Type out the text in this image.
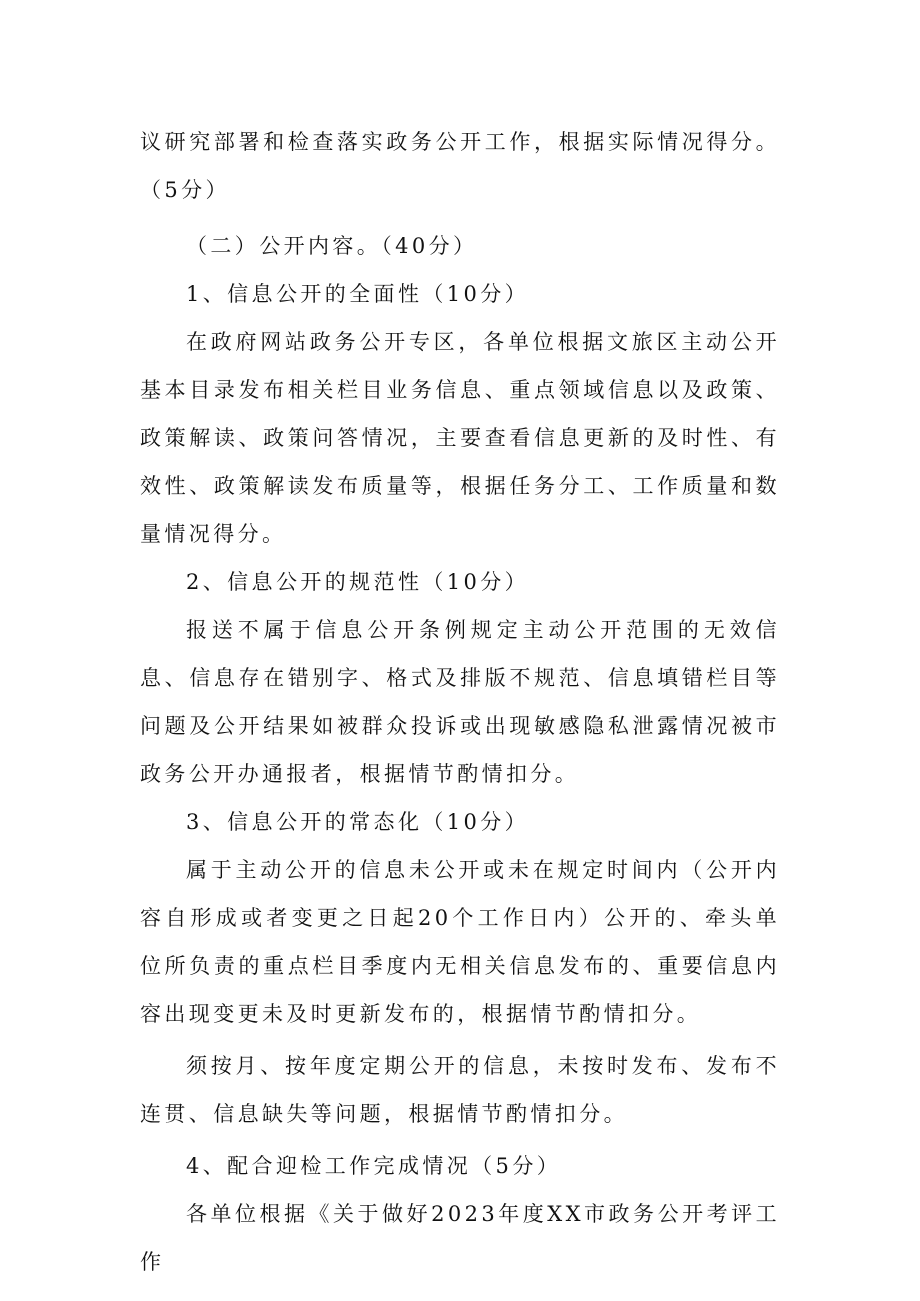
议研究部署和检查落实政务公开工作，根据实际情况得分。（5分）

（二）公开内容。（40分）

1、信息公开的全面性（10分）

在政府网站政务公开专区，各单位根据文旅区主动公开基本目录发布相关栏目业务信息、重点领域信息以及政策、政策解读、政策问答情况，主要查看信息更新的及时性、有效性、政策解读发布质量等，根据任务分工、工作质量和数量情况得分。

2、信息公开的规范性（10分）

报送不属于信息公开条例规定主动公开范围的无效信息、信息存在错别字、格式及排版不规范、信息填错栏目等问题及公开结果如被群众投诉或出现敏感隐私泄露情况被市政务公开办通报者，根据情节酌情扣分。

3、信息公开的常态化（10分）

属于主动公开的信息未公开或未在规定时间内（公开内容自形成或者变更之日起20个工作日内）公开的、牵头单位所负责的重点栏目季度内无相关信息发布的、重要信息内容出现变更未及时更新发布的，根据情节酌情扣分。

须按月、按年度定期公开的信息，未按时发布、发布不连贯、信息缺失等问题，根据情节酌情扣分。

4、配合迎检工作完成情况（5分）

各单位根据《关于做好2023年度XX市政务公开考评工作
